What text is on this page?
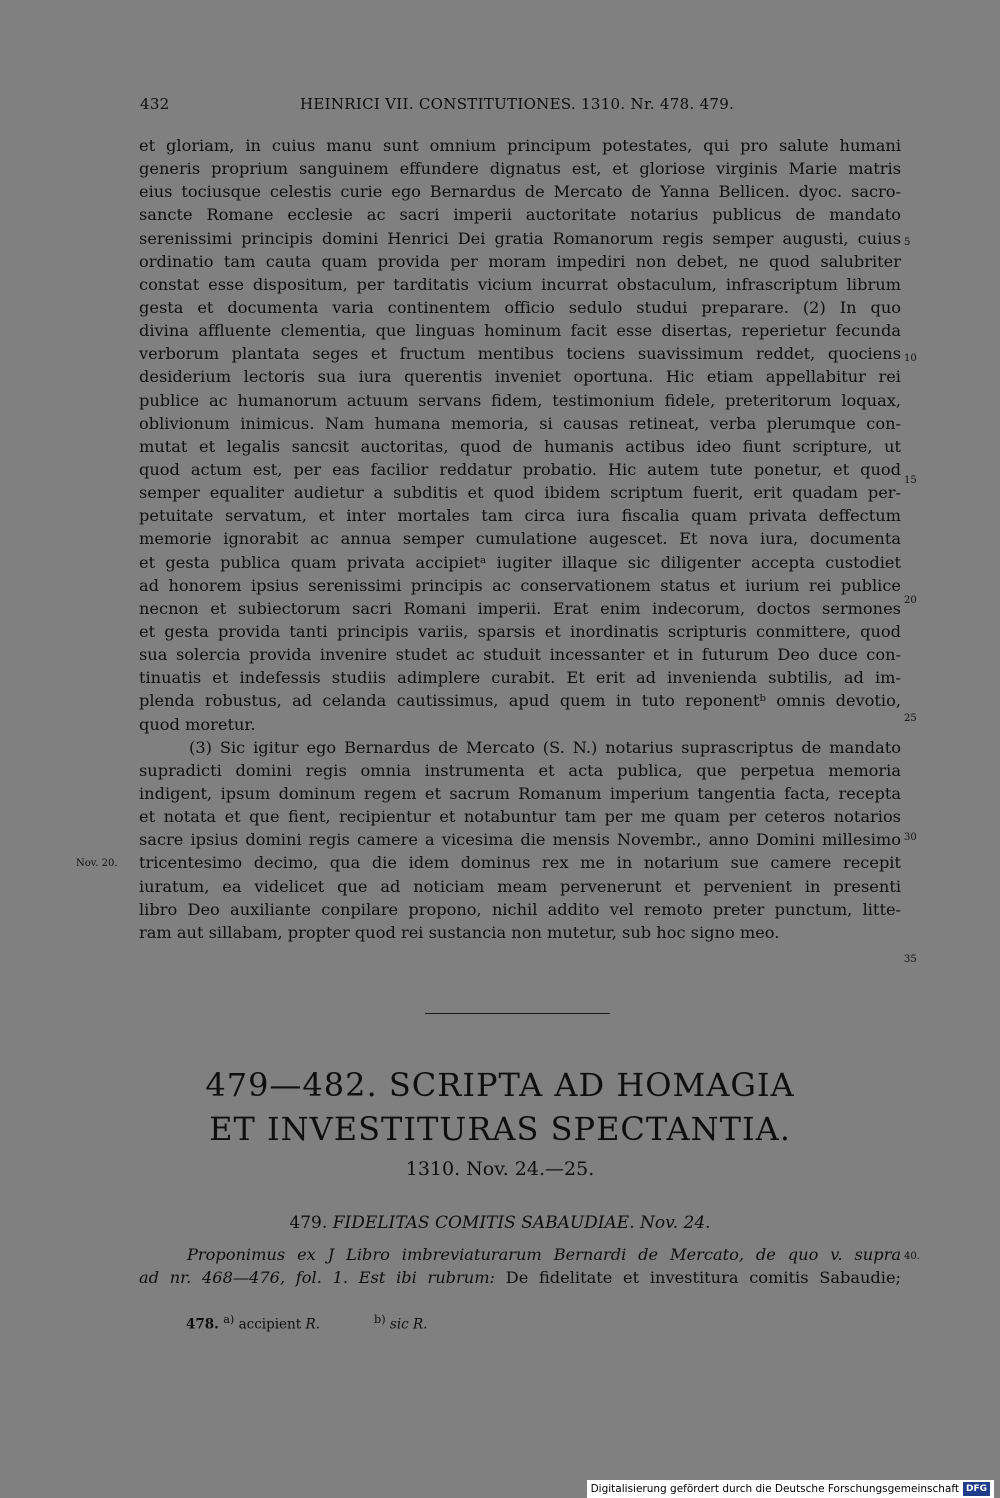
432	HEINRICI VII. CONSTITUTIONES. 1310. Nr. 478. 479.
et gloriam, in cuius manu sunt omnium principum potestates, qui pro salute humani
generis proprium sanguinem effundere dignatus est, et gloriose virginis Marie matris
eius tociusque celestis curie ego Bernardus de Mercato de Yanna Bellicen. dyoc. sacro-
sancte Romane ecclesie ac sacri imperii auctoritate notarius publicus de mandato
serenissimi principis domini Henrici Dei gratia Romanorum regis semper augusti, cuius
ordinatio tam cauta quam provida per moram impediri non debet, ne quod salubriter
constat esse dispositum, per tarditatis vicium incurrat obstaculum, infrascriptum librum
gesta et documenta varia continentem officio sedulo studui preparare. (2) In quo
divina affluente clementia, que linguas hominum facit esse disertas, reperietur fecunda
verborum plantata seges et fructum mentibus tociens suavissimum reddet, quociens
desiderium lectoris sua iura querentis inveniet oportuna. Hic etiam appellabitur rei
publice ac humanorum actuum servans fidem, testimonium fidele, preteritorum loquax,
oblivionum inimicus. Nam humana memoria, si causas retineat, verba plerumque con-
mutat et legalis sancsit auctoritas, quod de humanis actibus ideo fiunt scripture, ut
quod actum est, per eas facilior reddatur probatio. Hic autem tute ponetur, et quod
semper equaliter audietur a subditis et quod ibidem scriptum fuerit, erit quadam per-
petuitate servatum, et inter mortales tam circa iura fiscalia quam privata deffectum
memorie ignorabit ac annua semper cumulatione augescet. Et nova iura, documenta
et gesta publica quam privata accipietᵃ iugiter illaque sic diligenter accepta custodiet
ad honorem ipsius serenissimi principis ac conservationem status et iurium rei publice
necnon et subiectorum sacri Romani imperii. Erat enim indecorum, doctos sermones
et gesta provida tanti principis variis, sparsis et inordinatis scripturis conmittere, quod
sua solercia provida invenire studet ac studuit incessanter et in futurum Deo duce con-
tinuatis et indefessis studiis adimplere curabit. Et erit ad invenienda subtilis, ad im-
plenda robustus, ad celanda cautissimus, apud quem in tuto reponentᵇ omnis devotio,
quod moretur.
(3) Sic igitur ego Bernardus de Mercato (S. N.) notarius suprascriptus de mandato
supradicti domini regis omnia instrumenta et acta publica, que perpetua memoria
indigent, ipsum dominum regem et sacrum Romanum imperium tangentia facta, recepta
et notata et que fient, recipientur et notabuntur tam per me quam per ceteros notarios
sacre ipsius domini regis camere a vicesima die mensis Novembr., anno Domini millesimo
tricentesimo decimo, qua die idem dominus rex me in notarium sue camere recepit
iuratum, ea videlicet que ad noticiam meam pervenerunt et pervenient in presenti
libro Deo auxiliante conpilare propono, nichil addito vel remoto preter punctum, litte-
ram aut sillabam, propter quod rei sustancia non mutetur, sub hoc signo meo.
5
10
15
20
25
30
35
Nov. 20.
479—482. SCRIPTA AD HOMAGIA
ET INVESTITURAS SPECTANTIA.
1310. Nov. 24.—25.
479. FIDELITAS COMITIS SABAUDIAE. Nov. 24.
Proponimus ex J Libro imbreviaturarum Bernardi de Mercato, de quo v. supra
ad nr. 468—476, fol. 1. Est ibi rubrum: De fidelitate et investitura comitis Sabaudie;
40.
478. $^{a)}$ accipient R.	$^{b)}$ sic R.
Digitalisierung gefördert durch die Deutsche Forschungsgemeinschaft DFG
